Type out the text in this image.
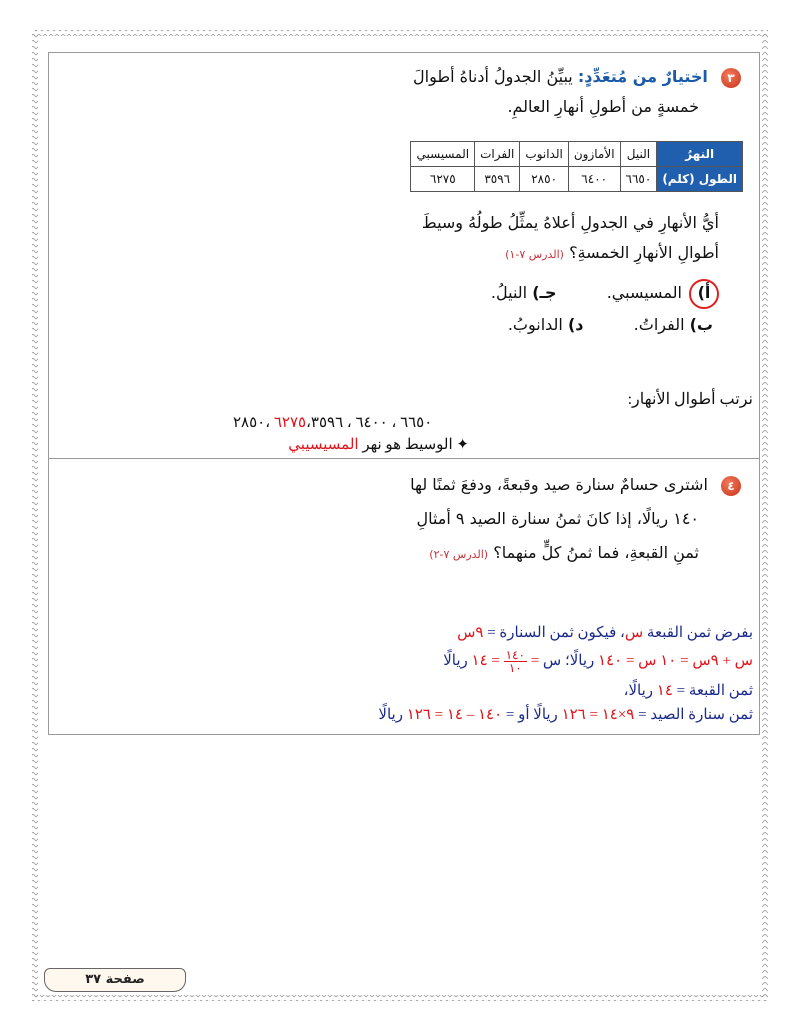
٣ اختيارٌ من مُتعَدِّدٍ: يبيِّنُ الجدولُ أدناهُ أطوالَ
خمسةٍ من أطولِ أنهارِ العالمِ.
النهرُ	النيل	الأمازون	الدانوب	الفرات	المسيسبي
الطول (كلم)	٦٦٥٠	٦٤٠٠	٢٨٥٠	٣٥٩٦	٦٢٧٥
أيُّ الأنهارِ في الجدولِ أعلاهُ يمثِّلُ طولُهُ وسيطَ
أطوالِ الأنهارِ الخمسةِ؟ (الدرس ٧-١)
أ) المسيسبي.  جـ) النيلُ.
ب) الفراتُ.  د) الدانوبُ.
نرتب أطوال الأنهار:
٦٦٥٠ ، ٦٤٠٠ ، ٦٢٧٥،٣٥٩٦ ،٢٨٥٠
✦ الوسيط هو نهر المسيسيبي
٤ اشترى حسامٌ سنارة صيد وقبعةً، ودفعَ ثمنًا لها
١٤٠ ريالًا، إذا كانَ ثمنُ سنارة الصيد ٩ أمثالِ
ثمنِ القبعةِ، فما ثمنُ كلٍّ منهما؟ (الدرس ٧-٢)
بفرض ثمن القبعة س، فيكون ثمن السنارة = ٩س
س + ٩س = ١٠ س = ١٤٠ ريالًا؛ س =
$\frac{١٤٠}{١٠}$
= ١٤ ريالًا
ثمن القبعة = ١٤ ريالًا،
ثمن سنارة الصيد = ٩×١٤ = ١٢٦ ريالًا أو = ١٤٠ – ١٤ = ١٢٦ ريالًا
صفحة ٣٧
